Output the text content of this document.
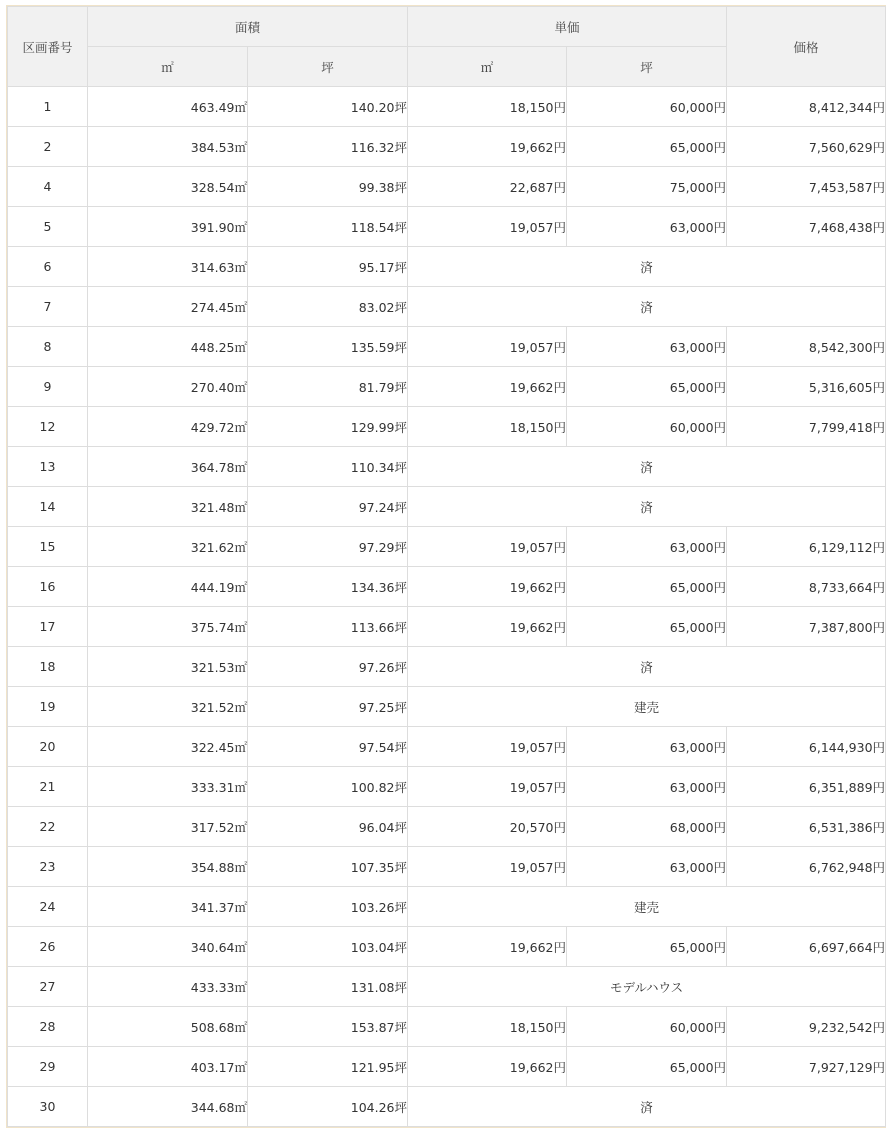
区画番号	面積		単価		価格
	㎡	坪	㎡	坪	
1	463.49㎡	140.20坪	18,150円	60,000円	8,412,344円
2	384.53㎡	116.32坪	19,662円	65,000円	7,560,629円
4	328.54㎡	99.38坪	22,687円	75,000円	7,453,587円
5	391.90㎡	118.54坪	19,057円	63,000円	7,468,438円
6	314.63㎡	95.17坪	済		
7	274.45㎡	83.02坪	済		
8	448.25㎡	135.59坪	19,057円	63,000円	8,542,300円
9	270.40㎡	81.79坪	19,662円	65,000円	5,316,605円
12	429.72㎡	129.99坪	18,150円	60,000円	7,799,418円
13	364.78㎡	110.34坪	済		
14	321.48㎡	97.24坪	済		
15	321.62㎡	97.29坪	19,057円	63,000円	6,129,112円
16	444.19㎡	134.36坪	19,662円	65,000円	8,733,664円
17	375.74㎡	113.66坪	19,662円	65,000円	7,387,800円
18	321.53㎡	97.26坪	済		
19	321.52㎡	97.25坪	建売		
20	322.45㎡	97.54坪	19,057円	63,000円	6,144,930円
21	333.31㎡	100.82坪	19,057円	63,000円	6,351,889円
22	317.52㎡	96.04坪	20,570円	68,000円	6,531,386円
23	354.88㎡	107.35坪	19,057円	63,000円	6,762,948円
24	341.37㎡	103.26坪	建売		
26	340.64㎡	103.04坪	19,662円	65,000円	6,697,664円
27	433.33㎡	131.08坪	モデルハウス		
28	508.68㎡	153.87坪	18,150円	60,000円	9,232,542円
29	403.17㎡	121.95坪	19,662円	65,000円	7,927,129円
30	344.68㎡	104.26坪	済		
